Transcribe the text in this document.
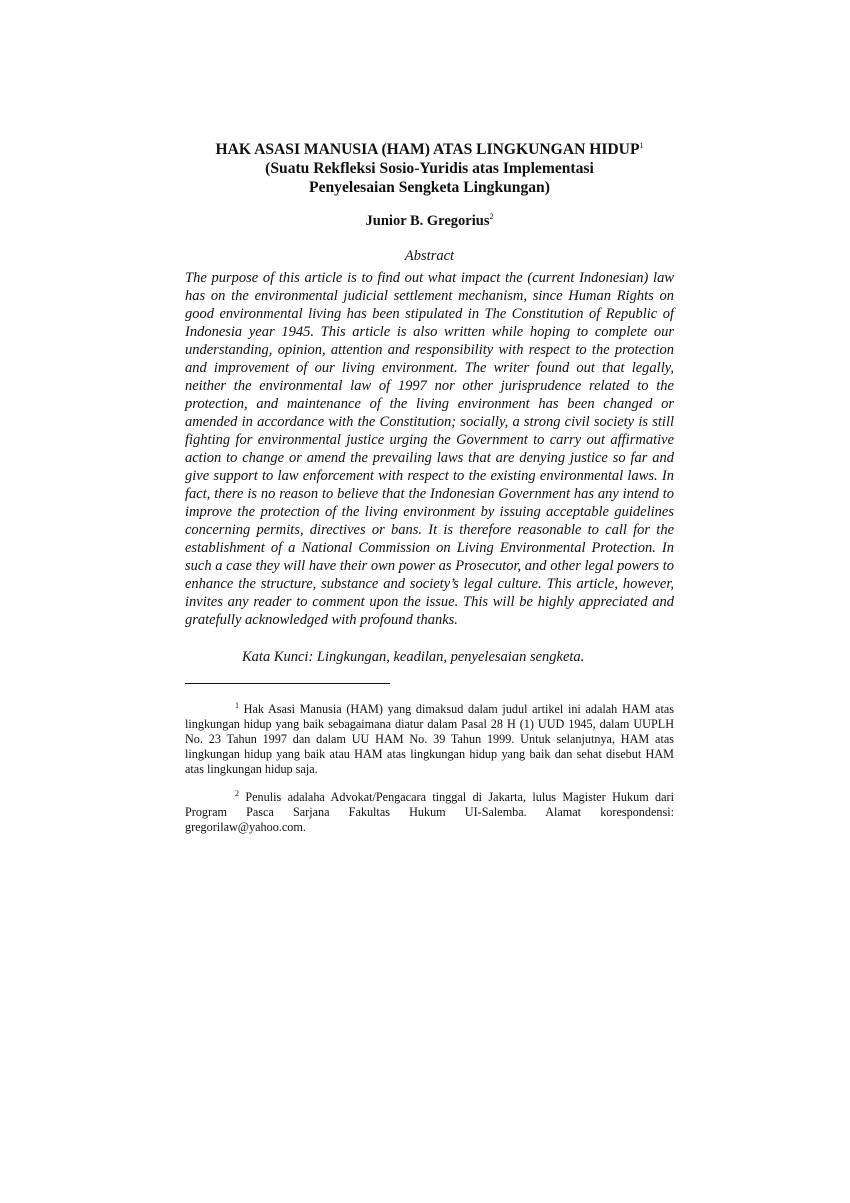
HAK ASASI MANUSIA (HAM) ATAS LINGKUNGAN HIDUP$^1$
(Suatu Rekfleksi Sosio-Yuridis atas Implementasi
Penyelesaian Sengketa Lingkungan)
Junior B. Gregorius$^2$
Abstract
The purpose of this article is to find out what impact the (current Indonesian) law has on the environmental judicial settlement mechanism, since Human Rights on good environmental living has been stipulated in The Constitution of Republic of Indonesia year 1945. This article is also written while hoping to complete our understanding, opinion, attention and responsibility with respect to the protection and improvement of our living environment. The writer found out that legally, neither the environmental law of 1997 nor other jurisprudence related to the protection, and maintenance of the living environment has been changed or amended in accordance with the Constitution; socially, a strong civil society is still fighting for environmental justice urging the Government to carry out affirmative action to change or amend the prevailing laws that are denying justice so far and give support to law enforcement with respect to the existing environmental laws. In fact, there is no reason to believe that the Indonesian Government has any intend to improve the protection of the living environment by issuing acceptable guidelines concerning permits, directives or bans. It is therefore reasonable to call for the establishment of a National Commission on Living Environmental Protection. In such a case they will have their own power as Prosecutor, and other legal powers to enhance the structure, substance and society’s legal culture. This article, however, invites any reader to comment upon the issue. This will be highly appreciated and gratefully acknowledged with profound thanks.
Kata Kunci: Lingkungan, keadilan, penyelesaian sengketa.
$^1$ Hak Asasi Manusia (HAM) yang dimaksud dalam judul artikel ini adalah HAM atas lingkungan hidup yang baik sebagaimana diatur dalam Pasal 28 H (1) UUD 1945, dalam UUPLH No. 23 Tahun 1997 dan dalam UU HAM No. 39 Tahun 1999. Untuk selanjutnya, HAM atas lingkungan hidup yang baik atau HAM atas lingkungan hidup yang baik dan sehat disebut HAM atas lingkungan hidup saja.
$^2$ Penulis adalaha Advokat/Pengacara tinggal di Jakarta, lulus Magister Hukum dari Program Pasca Sarjana Fakultas Hukum UI-Salemba. Alamat korespondensi: gregorilaw@yahoo.com.
